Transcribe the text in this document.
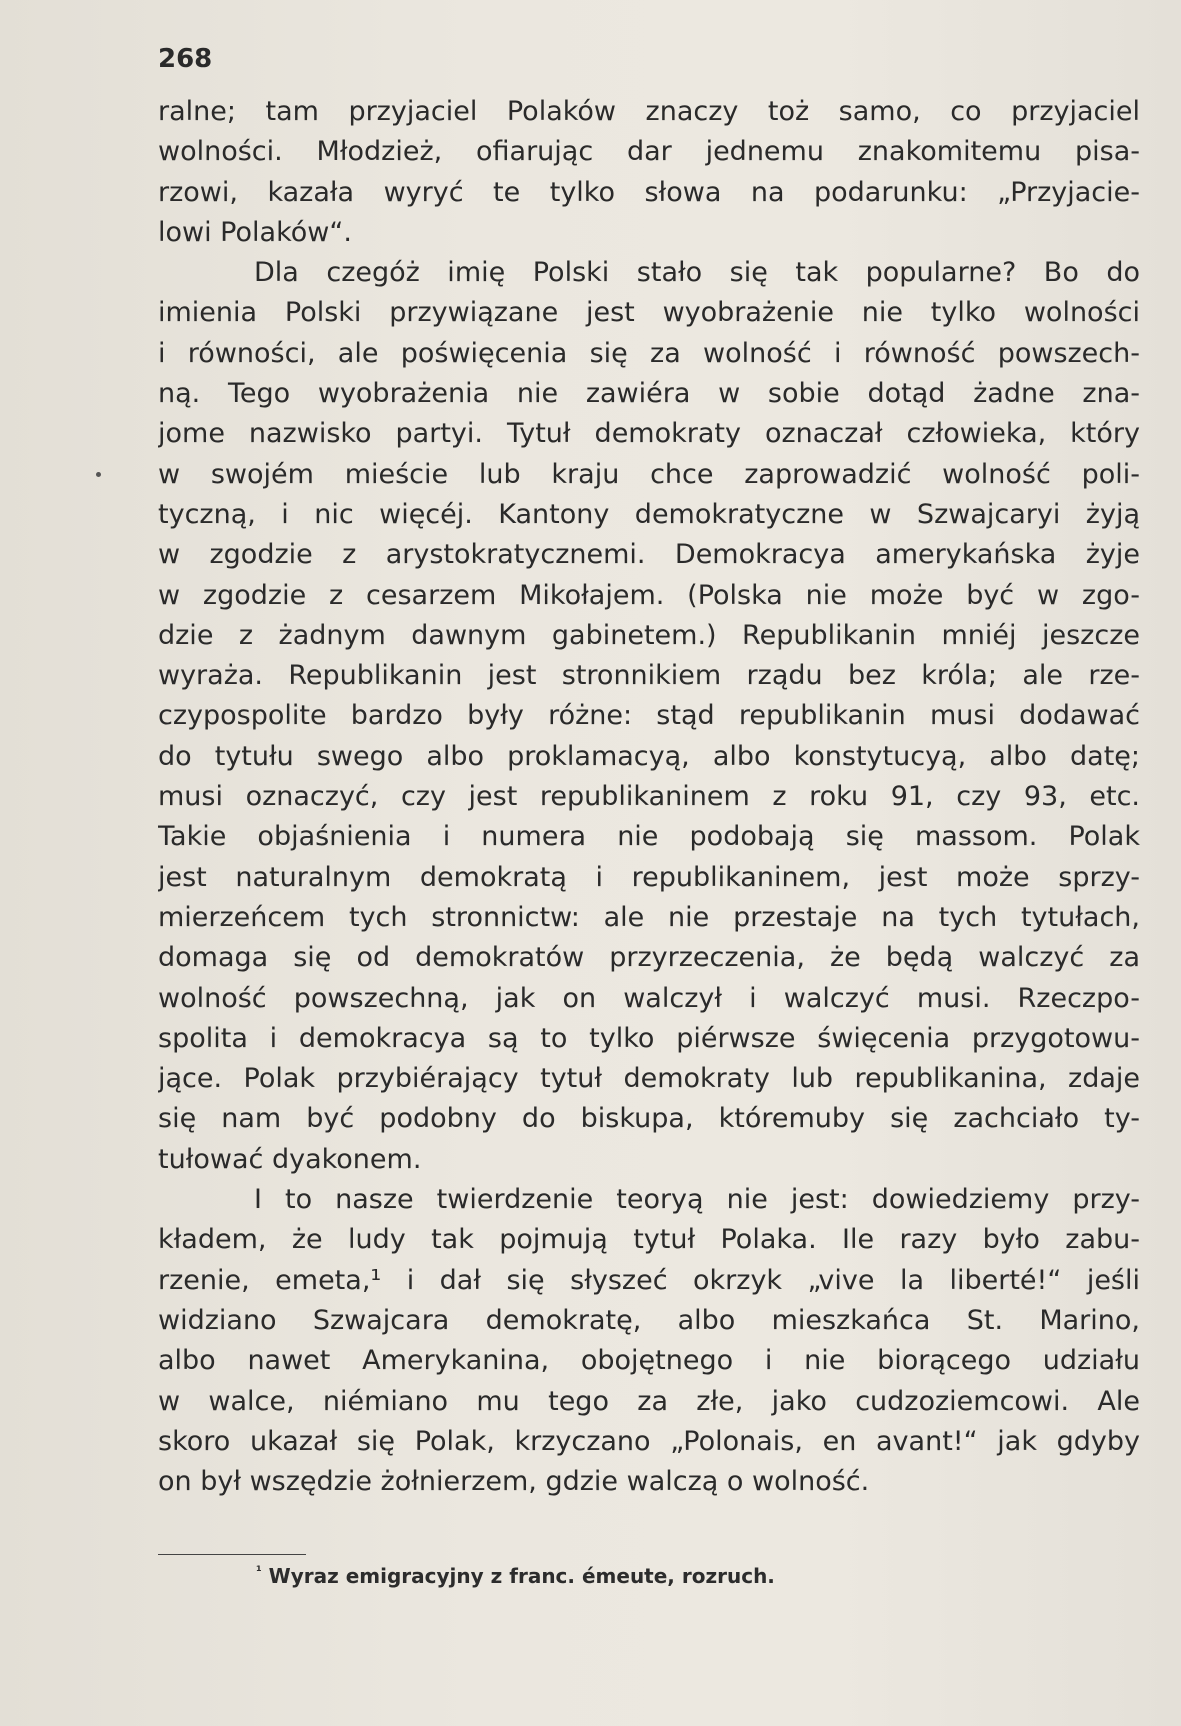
268
ralne; tam przyjaciel Polaków znaczy toż samo, co przyjaciel
wolności. Młodzież, ofiarując dar jednemu znakomitemu pisa-
rzowi, kazała wyryć te tylko słowa na podarunku: „Przyjacie-
lowi Polaków“.
Dla czegóż imię Polski stało się tak popularne? Bo do
imienia Polski przywiązane jest wyobrażenie nie tylko wolności
i równości, ale poświęcenia się za wolność i równość powszech-
ną. Tego wyobrażenia nie zawiéra w sobie dotąd żadne zna-
jome nazwisko partyi. Tytuł demokraty oznaczał człowieka, który
w swojém mieście lub kraju chce zaprowadzić wolność poli-
tyczną, i nic więcéj. Kantony demokratyczne w Szwajcaryi żyją
w zgodzie z arystokratycznemi. Demokracya amerykańska żyje
w zgodzie z cesarzem Mikołajem. (Polska nie może być w zgo-
dzie z żadnym dawnym gabinetem.) Republikanin mniéj jeszcze
wyraża. Republikanin jest stronnikiem rządu bez króla; ale rze-
czypospolite bardzo były różne: stąd republikanin musi dodawać
do tytułu swego albo proklamacyą, albo konstytucyą, albo datę;
musi oznaczyć, czy jest republikaninem z roku 91, czy 93, etc.
Takie objaśnienia i numera nie podobają się massom. Polak
jest naturalnym demokratą i republikaninem, jest może sprzy-
mierzeńcem tych stronnictw: ale nie przestaje na tych tytułach,
domaga się od demokratów przyrzeczenia, że będą walczyć za
wolność powszechną, jak on walczył i walczyć musi. Rzeczpo-
spolita i demokracya są to tylko piérwsze święcenia przygotowu-
jące. Polak przybiérający tytuł demokraty lub republikanina, zdaje
się nam być podobny do biskupa, któremuby się zachciało ty-
tułować dyakonem.
I to nasze twierdzenie teoryą nie jest: dowiedziemy przy-
kładem, że ludy tak pojmują tytuł Polaka. Ile razy było zabu-
rzenie, emeta,¹ i dał się słyszeć okrzyk „vive la liberté!“ jeśli
widziano Szwajcara demokratę, albo mieszkańca St. Marino,
albo nawet Amerykanina, obojętnego i nie biorącego udziału
w walce, niémiano mu tego za złe, jako cudzoziemcowi. Ale
skoro ukazał się Polak, krzyczano „Polonais, en avant!“ jak gdyby
on był wszędzie żołnierzem, gdzie walczą o wolność.
$^{^1}$ Wyraz emigracyjny z franc. émeute, rozruch.
